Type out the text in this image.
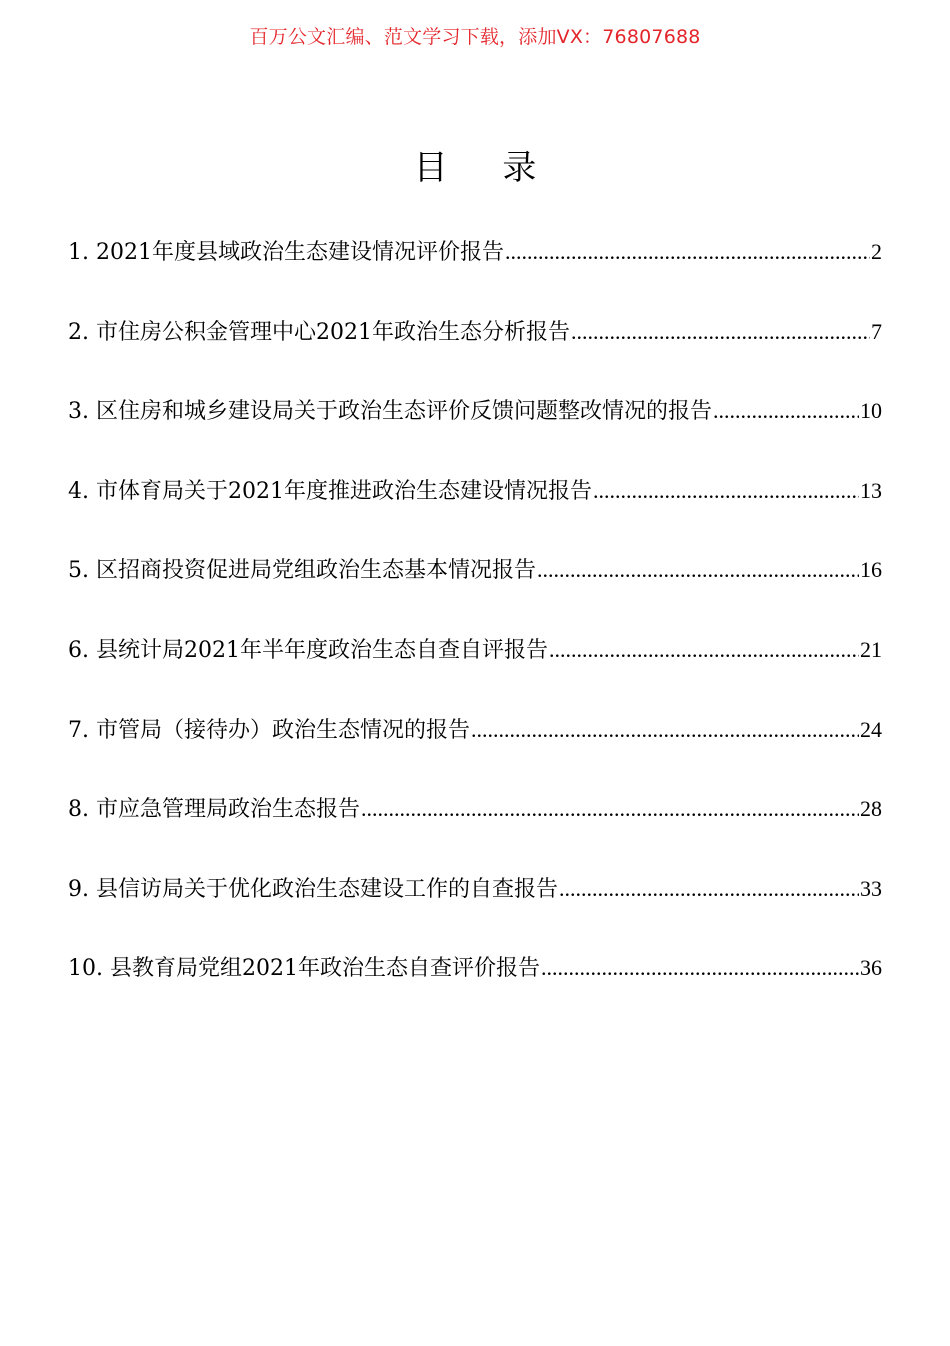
百万公文汇编、范文学习下载，添加VX：76807688
目 录
1. 2021年度县域政治生态建设情况评价报告 .....	2
2. 市住房公积金管理中心2021年政治生态分析报告 .....	7
3. 区住房和城乡建设局关于政治生态评价反馈问题整改情况的报告 .....	10
4. 市体育局关于2021年度推进政治生态建设情况报告 .....	13
5. 区招商投资促进局党组政治生态基本情况报告 .....	16
6. 县统计局2021年半年度政治生态自查自评报告 .....	21
7. 市管局（接待办）政治生态情况的报告 .....	24
8. 市应急管理局政治生态报告 .....	28
9. 县信访局关于优化政治生态建设工作的自查报告 .....	33
10. 县教育局党组2021年政治生态自查评价报告 .....	36
